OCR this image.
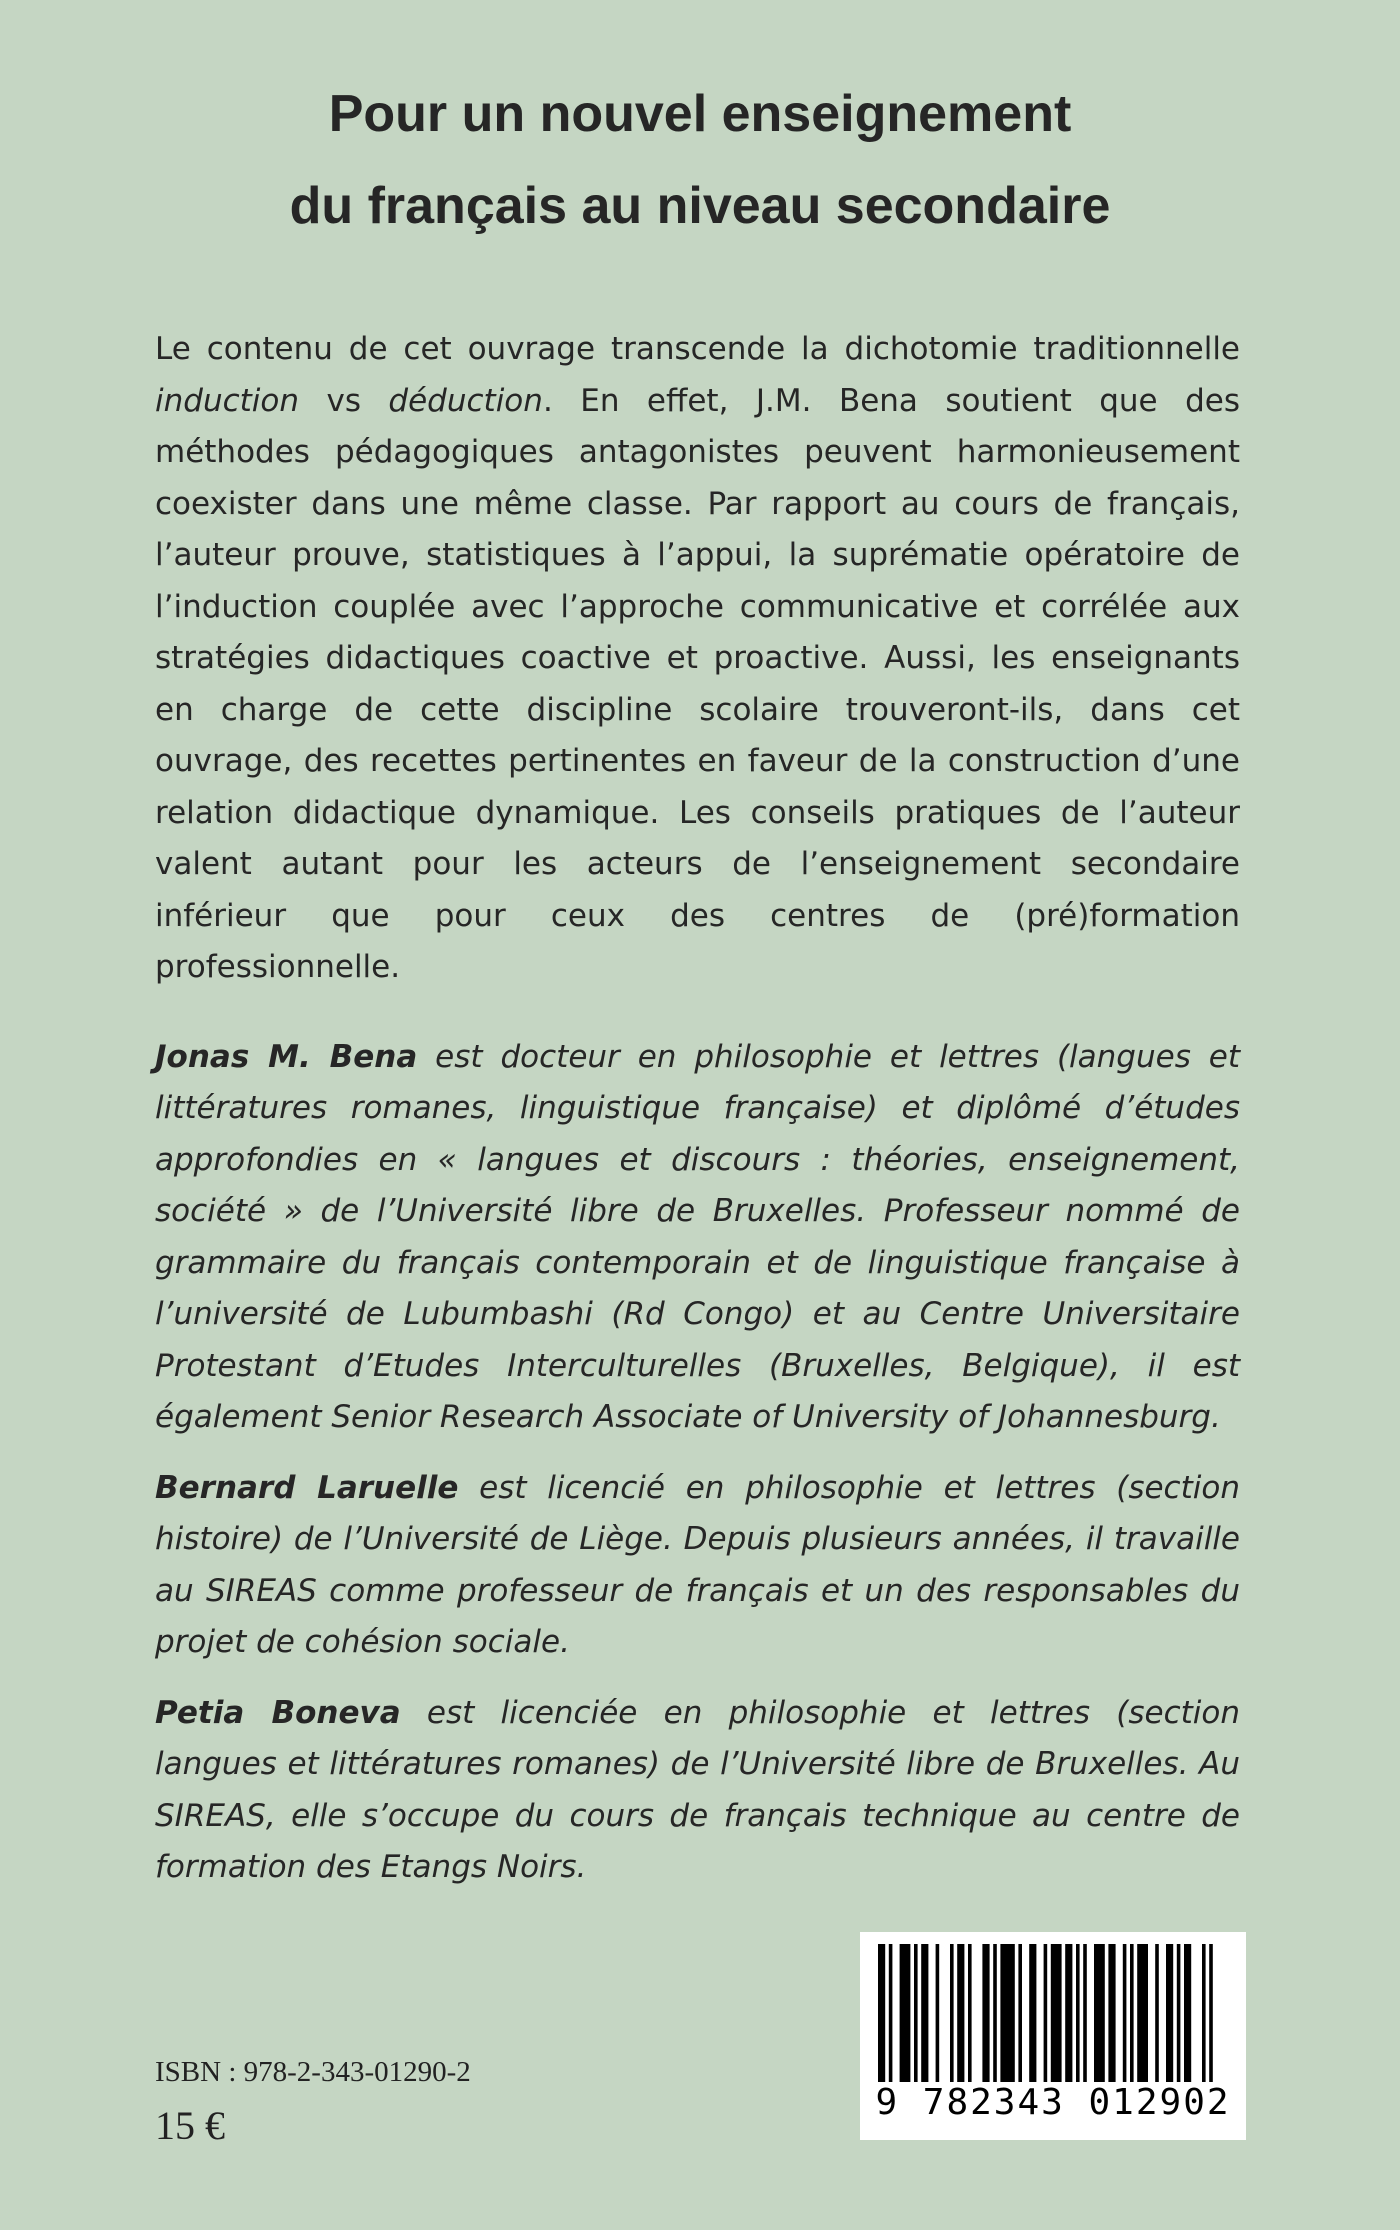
Pour un nouvel enseignement
du français au niveau secondaire

Le contenu de cet ouvrage transcende la dichotomie traditionnelle induction vs déduction. En effet, J.M. Bena soutient que des méthodes pédagogiques antagonistes peuvent harmonieusement coexister dans une même classe. Par rapport au cours de français, l’auteur prouve, statistiques à l’appui, la suprématie opératoire de l’induction couplée avec l’approche communicative et corrélée aux stratégies didactiques coactive et proactive. Aussi, les enseignants en charge de cette discipline scolaire trouveront-ils, dans cet ouvrage, des recettes pertinentes en faveur de la construction d’une relation didactique dynamique. Les conseils pratiques de l’auteur valent autant pour les acteurs de l’enseignement secondaire inférieur que pour ceux des centres de (pré)formation professionnelle.

Jonas M. Bena est docteur en philosophie et lettres (langues et littératures romanes, linguistique française) et diplômé d’études approfondies en « langues et discours : théories, enseignement, société » de l’Université libre de Bruxelles. Professeur nommé de grammaire du français contemporain et de linguistique française à l’université de Lubumbashi (Rd Congo) et au Centre Universitaire Protestant d’Etudes Interculturelles (Bruxelles, Belgique), il est également Senior Research Associate of University of Johannesburg.

Bernard Laruelle est licencié en philosophie et lettres (section histoire) de l’Université de Liège. Depuis plusieurs années, il travaille au SIREAS comme professeur de français et un des responsables du projet de cohésion sociale.

Petia Boneva est licenciée en philosophie et lettres (section langues et littératures romanes) de l’Université libre de Bruxelles. Au SIREAS, elle s’occupe du cours de français technique au centre de formation des Etangs Noirs.

ISBN : 978-2-343-01290-2
15 €
9 782343 012902
